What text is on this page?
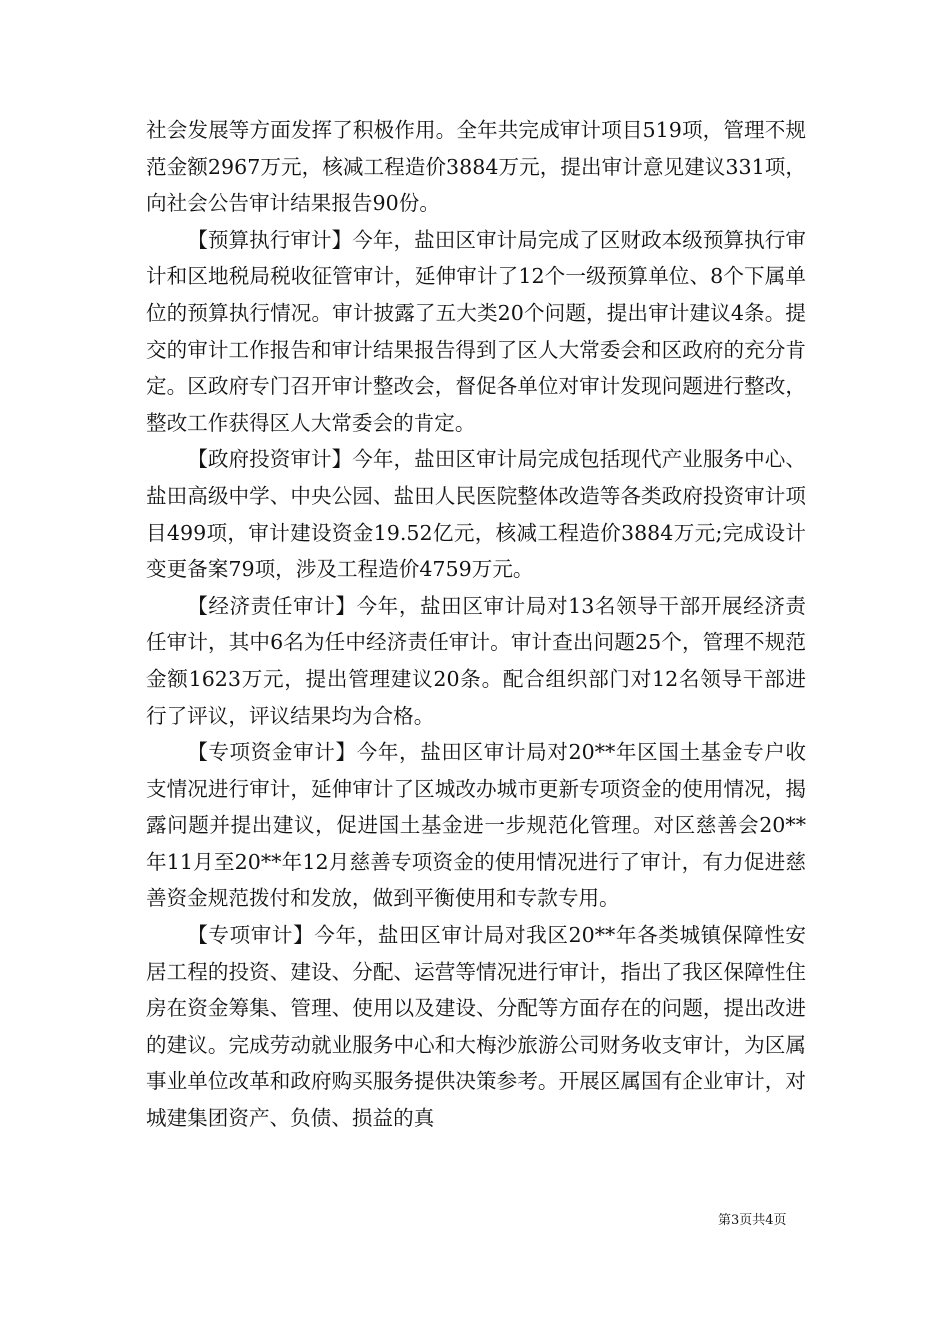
社会发展等方面发挥了积极作用。全年共完成审计项目519项，管理不规范金额2967万元，核减工程造价3884万元，提出审计意见建议331项，向社会公告审计结果报告90份。

【预算执行审计】今年，盐田区审计局完成了区财政本级预算执行审计和区地税局税收征管审计，延伸审计了12个一级预算单位、8个下属单位的预算执行情况。审计披露了五大类20个问题，提出审计建议4条。提交的审计工作报告和审计结果报告得到了区人大常委会和区政府的充分肯定。区政府专门召开审计整改会，督促各单位对审计发现问题进行整改，整改工作获得区人大常委会的肯定。

【政府投资审计】今年，盐田区审计局完成包括现代产业服务中心、盐田高级中学、中央公园、盐田人民医院整体改造等各类政府投资审计项目499项，审计建设资金19.52亿元，核减工程造价3884万元;完成设计变更备案79项，涉及工程造价4759万元。

【经济责任审计】今年，盐田区审计局对13名领导干部开展经济责任审计，其中6名为任中经济责任审计。审计查出问题25个，管理不规范金额1623万元，提出管理建议20条。配合组织部门对12名领导干部进行了评议，评议结果均为合格。

【专项资金审计】今年，盐田区审计局对20**年区国土基金专户收支情况进行审计，延伸审计了区城改办城市更新专项资金的使用情况，揭露问题并提出建议，促进国土基金进一步规范化管理。对区慈善会20**年11月至20**年12月慈善专项资金的使用情况进行了审计，有力促进慈善资金规范拨付和发放，做到平衡使用和专款专用。

【专项审计】今年，盐田区审计局对我区20**年各类城镇保障性安居工程的投资、建设、分配、运营等情况进行审计，指出了我区保障性住房在资金筹集、管理、使用以及建设、分配等方面存在的问题，提出改进的建议。完成劳动就业服务中心和大梅沙旅游公司财务收支审计，为区属事业单位改革和政府购买服务提供决策参考。开展区属国有企业审计，对城建集团资产、负债、损益的真

第3页共4页
